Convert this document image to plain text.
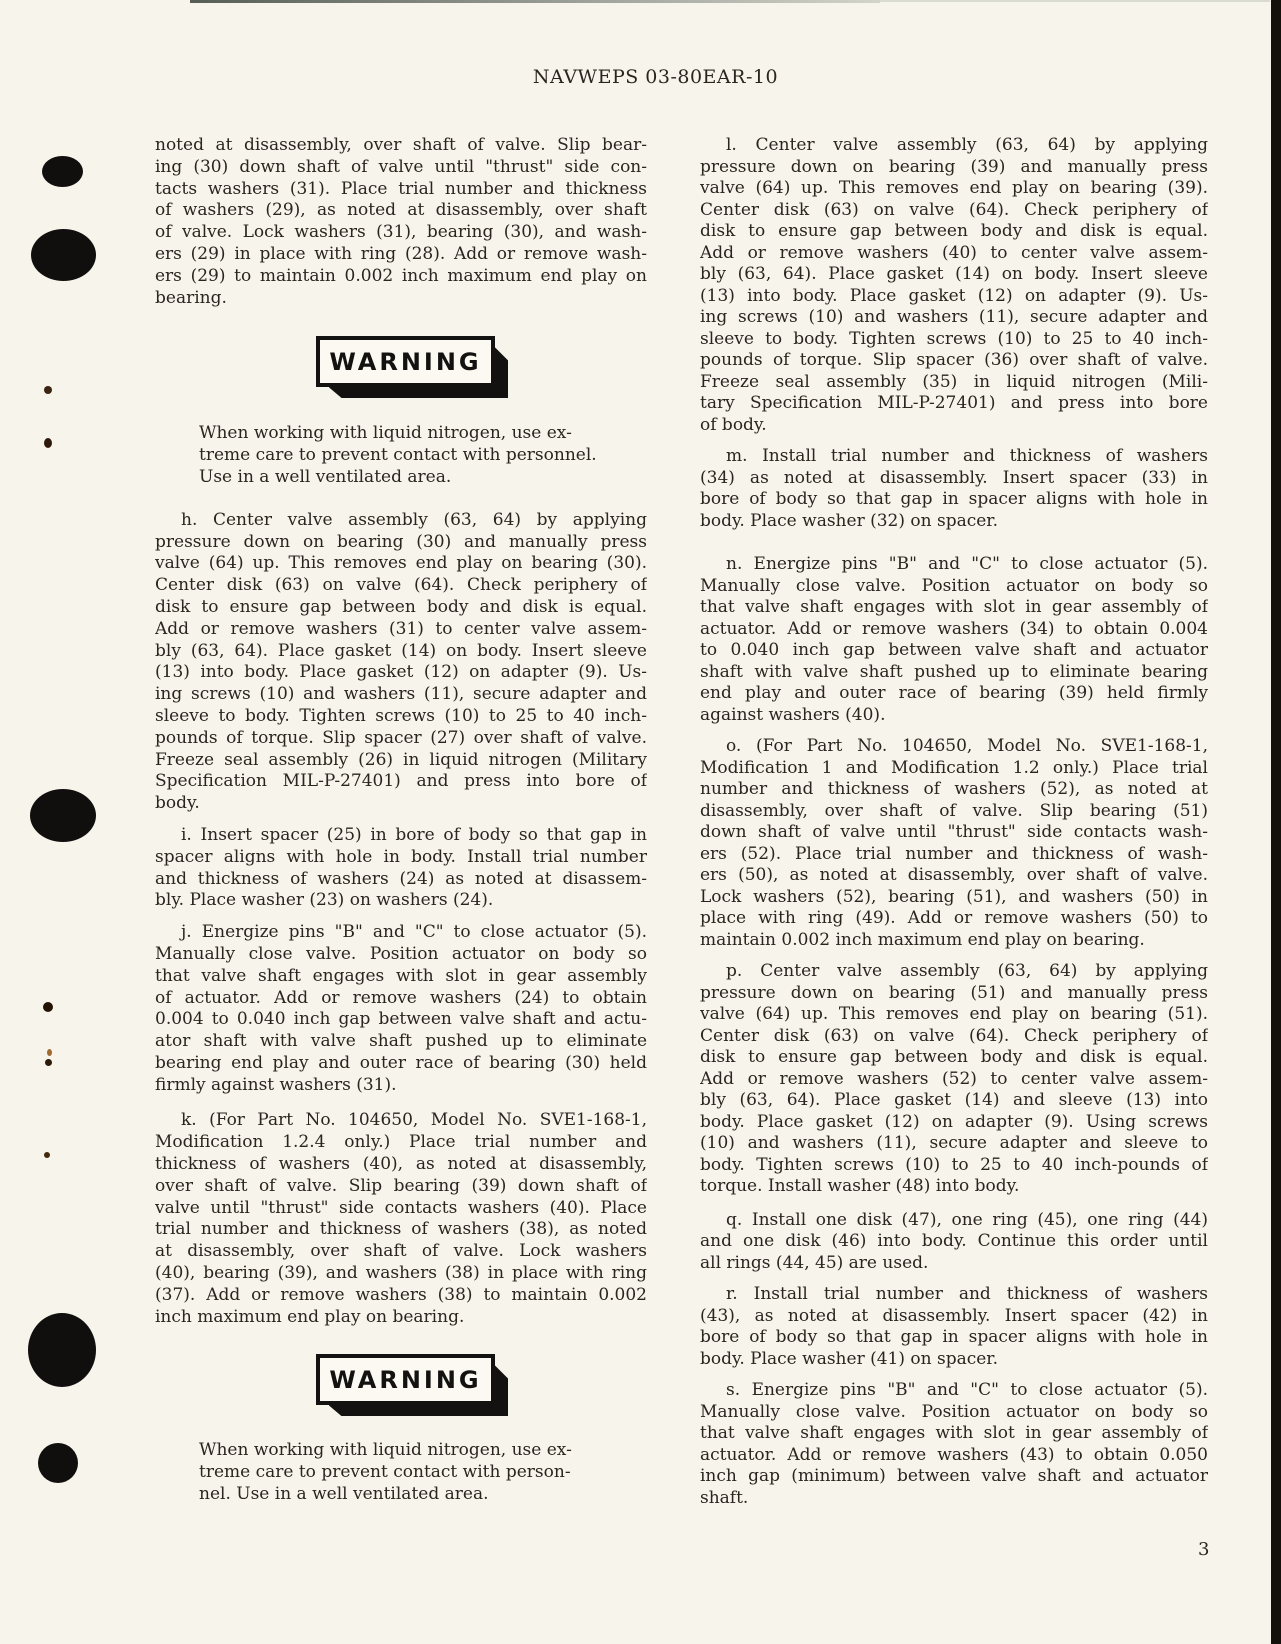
NAVWEPS 03-80EAR-10
noted at disassembly, over shaft of valve. Slip bear-
ing (30) down shaft of valve until "thrust" side con-
tacts washers (31). Place trial number and thickness
of washers (29), as noted at disassembly, over shaft
of valve. Lock washers (31), bearing (30), and wash-
ers (29) in place with ring (28). Add or remove wash-
ers (29) to maintain 0.002 inch maximum end play on
bearing.
WARNING
When working with liquid nitrogen, use ex-
treme care to prevent contact with personnel.
Use in a well ventilated area.
h. Center valve assembly (63, 64) by applying
pressure down on bearing (30) and manually press
valve (64) up. This removes end play on bearing (30).
Center disk (63) on valve (64). Check periphery of
disk to ensure gap between body and disk is equal.
Add or remove washers (31) to center valve assem-
bly (63, 64). Place gasket (14) on body. Insert sleeve
(13) into body. Place gasket (12) on adapter (9). Us-
ing screws (10) and washers (11), secure adapter and
sleeve to body. Tighten screws (10) to 25 to 40 inch-
pounds of torque. Slip spacer (27) over shaft of valve.
Freeze seal assembly (26) in liquid nitrogen (Military
Specification MIL-P-27401) and press into bore of
body.
i. Insert spacer (25) in bore of body so that gap in
spacer aligns with hole in body. Install trial number
and thickness of washers (24) as noted at disassem-
bly. Place washer (23) on washers (24).
j. Energize pins "B" and "C" to close actuator (5).
Manually close valve. Position actuator on body so
that valve shaft engages with slot in gear assembly
of actuator. Add or remove washers (24) to obtain
0.004 to 0.040 inch gap between valve shaft and actu-
ator shaft with valve shaft pushed up to eliminate
bearing end play and outer race of bearing (30) held
firmly against washers (31).
k. (For Part No. 104650, Model No. SVE1-168-1,
Modification 1.2.4 only.) Place trial number and
thickness of washers (40), as noted at disassembly,
over shaft of valve. Slip bearing (39) down shaft of
valve until "thrust" side contacts washers (40). Place
trial number and thickness of washers (38), as noted
at disassembly, over shaft of valve. Lock washers
(40), bearing (39), and washers (38) in place with ring
(37). Add or remove washers (38) to maintain 0.002
inch maximum end play on bearing.
WARNING
When working with liquid nitrogen, use ex-
treme care to prevent contact with person-
nel. Use in a well ventilated area.
l. Center valve assembly (63, 64) by applying
pressure down on bearing (39) and manually press
valve (64) up. This removes end play on bearing (39).
Center disk (63) on valve (64). Check periphery of
disk to ensure gap between body and disk is equal.
Add or remove washers (40) to center valve assem-
bly (63, 64). Place gasket (14) on body. Insert sleeve
(13) into body. Place gasket (12) on adapter (9). Us-
ing screws (10) and washers (11), secure adapter and
sleeve to body. Tighten screws (10) to 25 to 40 inch-
pounds of torque. Slip spacer (36) over shaft of valve.
Freeze seal assembly (35) in liquid nitrogen (Mili-
tary Specification MIL-P-27401) and press into bore
of body.
m. Install trial number and thickness of washers
(34) as noted at disassembly. Insert spacer (33) in
bore of body so that gap in spacer aligns with hole in
body. Place washer (32) on spacer.
n. Energize pins "B" and "C" to close actuator (5).
Manually close valve. Position actuator on body so
that valve shaft engages with slot in gear assembly of
actuator. Add or remove washers (34) to obtain 0.004
to 0.040 inch gap between valve shaft and actuator
shaft with valve shaft pushed up to eliminate bearing
end play and outer race of bearing (39) held firmly
against washers (40).
o. (For Part No. 104650, Model No. SVE1-168-1,
Modification 1 and Modification 1.2 only.) Place trial
number and thickness of washers (52), as noted at
disassembly, over shaft of valve. Slip bearing (51)
down shaft of valve until "thrust" side contacts wash-
ers (52). Place trial number and thickness of wash-
ers (50), as noted at disassembly, over shaft of valve.
Lock washers (52), bearing (51), and washers (50) in
place with ring (49). Add or remove washers (50) to
maintain 0.002 inch maximum end play on bearing.
p. Center valve assembly (63, 64) by applying
pressure down on bearing (51) and manually press
valve (64) up. This removes end play on bearing (51).
Center disk (63) on valve (64). Check periphery of
disk to ensure gap between body and disk is equal.
Add or remove washers (52) to center valve assem-
bly (63, 64). Place gasket (14) and sleeve (13) into
body. Place gasket (12) on adapter (9). Using screws
(10) and washers (11), secure adapter and sleeve to
body. Tighten screws (10) to 25 to 40 inch-pounds of
torque. Install washer (48) into body.
q. Install one disk (47), one ring (45), one ring (44)
and one disk (46) into body. Continue this order until
all rings (44, 45) are used.
r. Install trial number and thickness of washers
(43), as noted at disassembly. Insert spacer (42) in
bore of body so that gap in spacer aligns with hole in
body. Place washer (41) on spacer.
s. Energize pins "B" and "C" to close actuator (5).
Manually close valve. Position actuator on body so
that valve shaft engages with slot in gear assembly of
actuator. Add or remove washers (43) to obtain 0.050
inch gap (minimum) between valve shaft and actuator
shaft.
3
